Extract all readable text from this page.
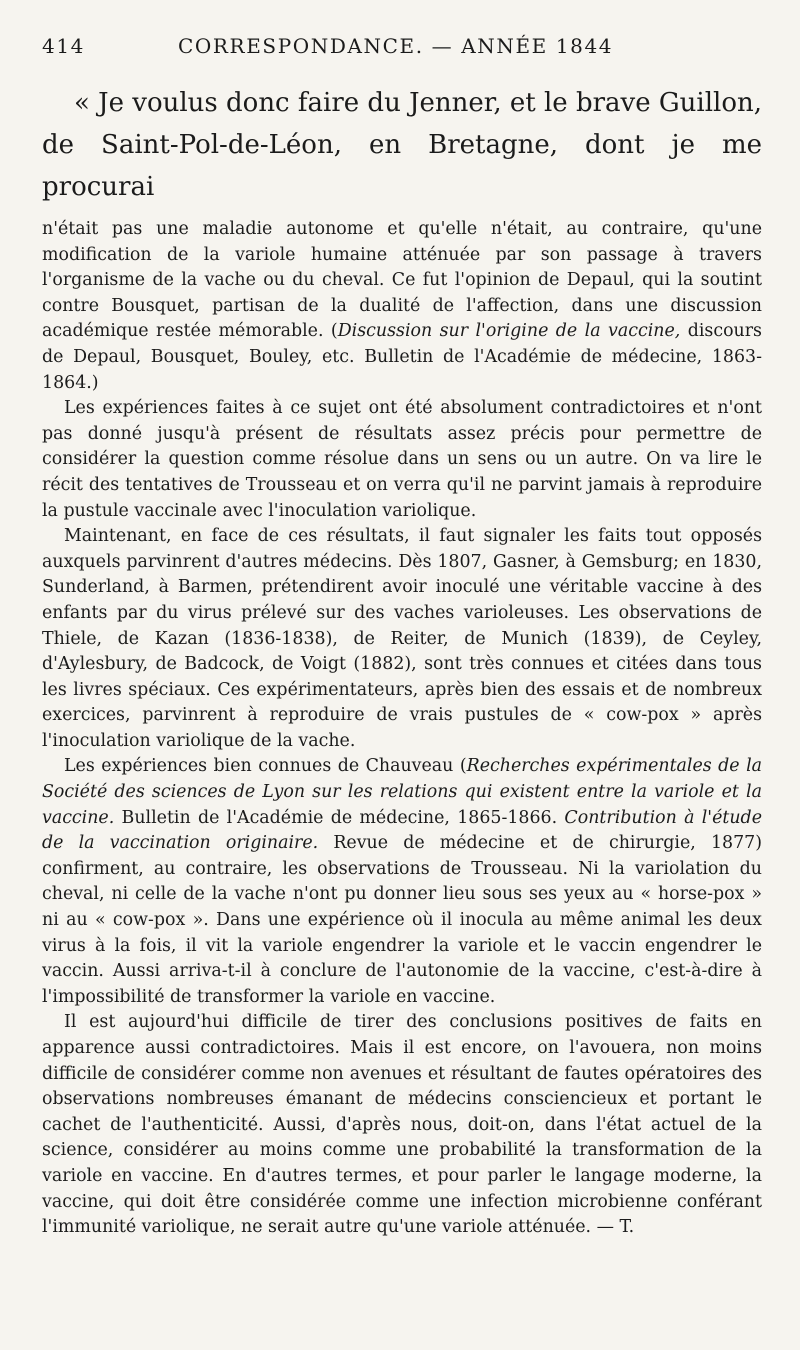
414	CORRESPONDANCE. — ANNÉE 1844

« Je voulus donc faire du Jenner, et le brave Guillon,

de Saint-Pol-de-Léon, en Bretagne, dont je me procurai

n'était pas une maladie autonome et qu'elle n'était, au contraire, qu'une modification de la variole humaine atténuée par son passage à travers l'organisme de la vache ou du cheval. Ce fut l'opinion de Depaul, qui la soutint contre Bousquet, partisan de la dualité de l'affection, dans une discussion académique restée mémorable. (Discussion sur l'origine de la vaccine, discours de Depaul, Bousquet, Bouley, etc. Bulletin de l'Académie de médecine, 1863-1864.)

Les expériences faites à ce sujet ont été absolument contradictoires et n'ont pas donné jusqu'à présent de résultats assez précis pour permettre de considérer la question comme résolue dans un sens ou un autre. On va lire le récit des tentatives de Trousseau et on verra qu'il ne parvint jamais à reproduire la pustule vaccinale avec l'inoculation variolique.

Maintenant, en face de ces résultats, il faut signaler les faits tout opposés auxquels parvinrent d'autres médecins. Dès 1807, Gasner, à Gemsburg; en 1830, Sunderland, à Barmen, prétendirent avoir inoculé une véritable vaccine à des enfants par du virus prélevé sur des vaches varioleuses. Les observations de Thiele, de Kazan (1836-1838), de Reiter, de Munich (1839), de Ceyley, d'Aylesbury, de Badcock, de Voigt (1882), sont très connues et citées dans tous les livres spéciaux. Ces expérimentateurs, après bien des essais et de nombreux exercices, parvinrent à reproduire de vrais pustules de « cow-pox » après l'inoculation variolique de la vache.

Les expériences bien connues de Chauveau (Recherches expérimentales de la Société des sciences de Lyon sur les relations qui existent entre la variole et la vaccine. Bulletin de l'Académie de médecine, 1865-1866. Contribution à l'étude de la vaccination originaire. Revue de médecine et de chirurgie, 1877) confirment, au contraire, les observations de Trousseau. Ni la variolation du cheval, ni celle de la vache n'ont pu donner lieu sous ses yeux au « horse-pox » ni au « cow-pox ». Dans une expérience où il inocula au même animal les deux virus à la fois, il vit la variole engendrer la variole et le vaccin engendrer le vaccin. Aussi arriva-t-il à conclure de l'autonomie de la vaccine, c'est-à-dire à l'impossibilité de transformer la variole en vaccine.

Il est aujourd'hui difficile de tirer des conclusions positives de faits en apparence aussi contradictoires. Mais il est encore, on l'avouera, non moins difficile de considérer comme non avenues et résultant de fautes opératoires des observations nombreuses émanant de médecins consciencieux et portant le cachet de l'authenticité. Aussi, d'après nous, doit-on, dans l'état actuel de la science, considérer au moins comme une probabilité la transformation de la variole en vaccine. En d'autres termes, et pour parler le langage moderne, la vaccine, qui doit être considérée comme une infection microbienne conférant l'immunité variolique, ne serait autre qu'une variole atténuée. — T.
